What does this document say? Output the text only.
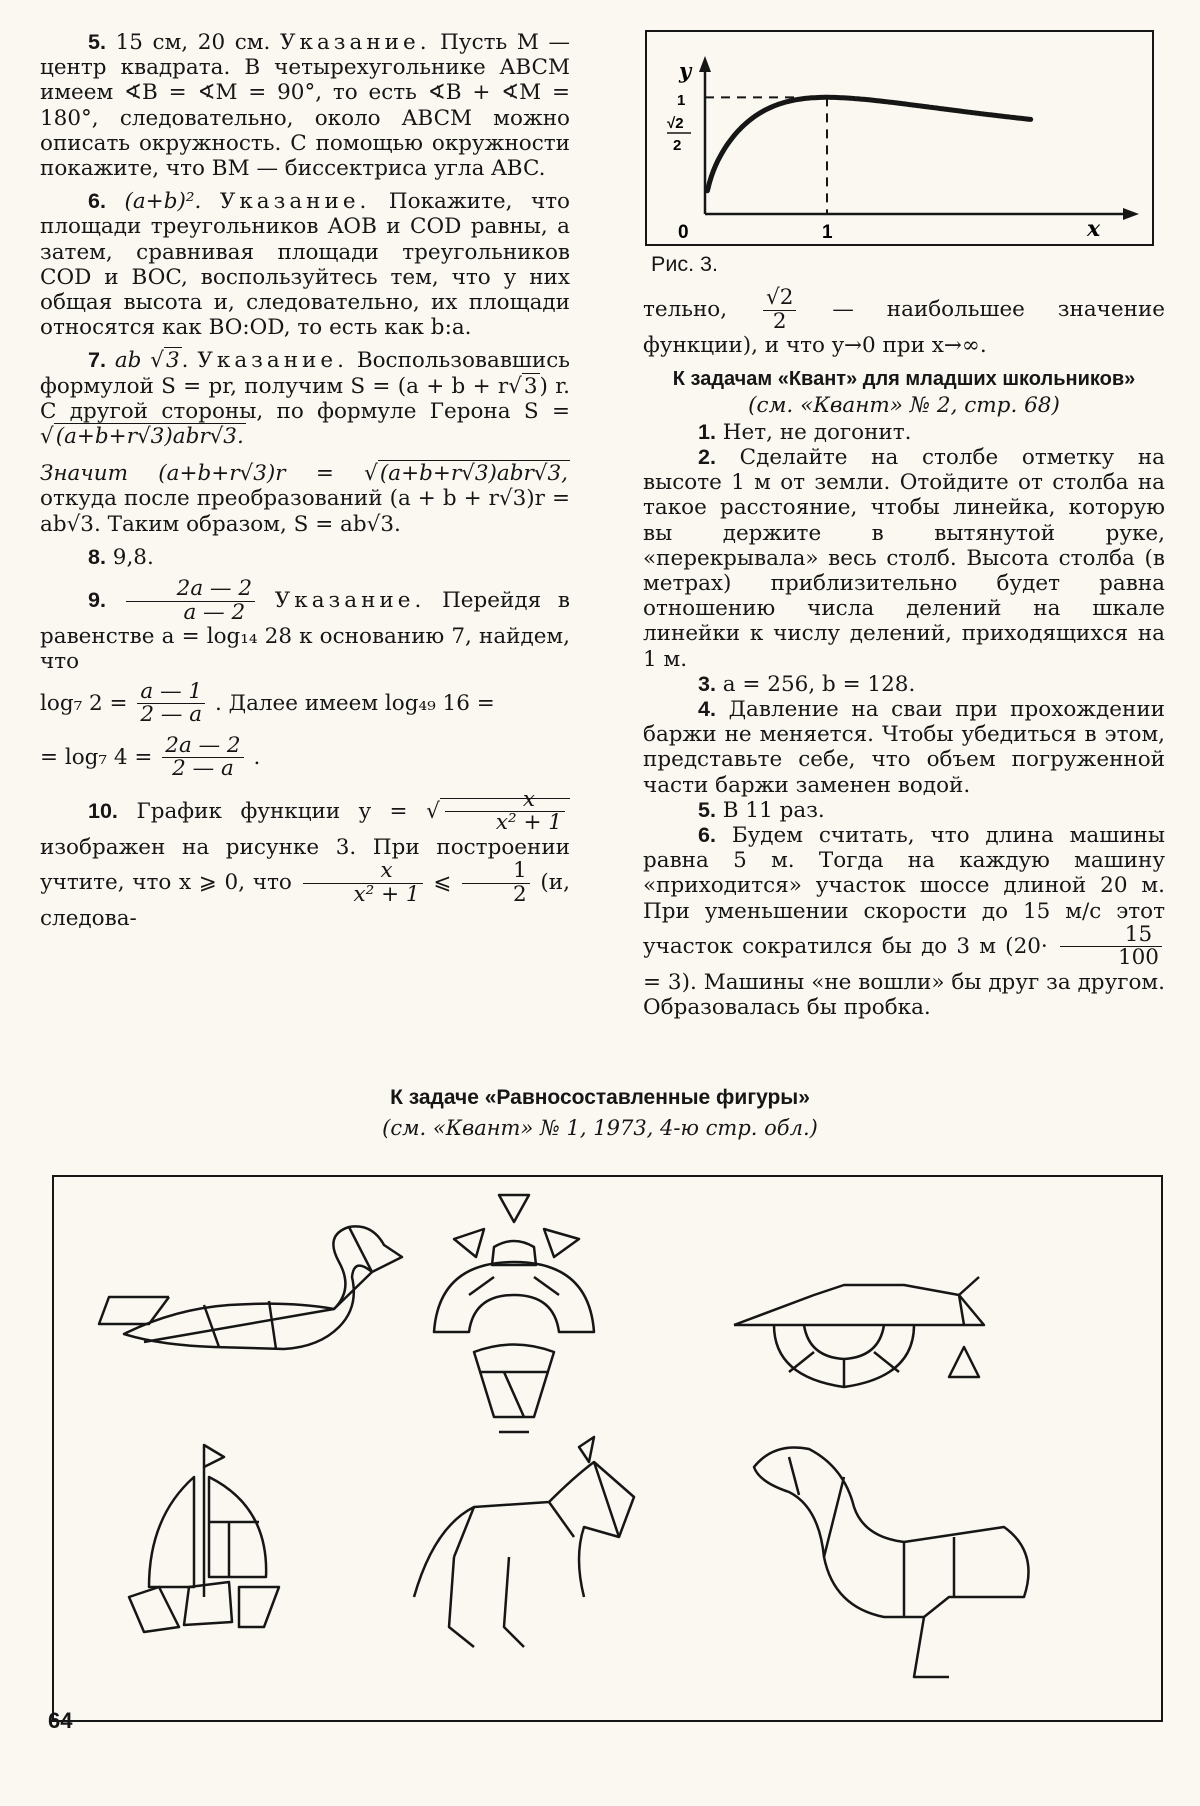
5. 15 см, 20 см. Указание. Пусть M — центр квадрата. В четырехугольнике ABCM имеем ∢B = ∢M = 90°, то есть ∢B + ∢M = 180°, следовательно, около ABCM можно описать окружность. С помощью окружности покажите, что BM — биссектриса угла ABC.

6. (a+b)². Указание. Покажите, что площади треугольников AOB и COD равны, а затем, сравнивая площади треугольников COD и BOC, воспользуйтесь тем, что у них общая высота и, следовательно, их площади относятся как BO:OD, то есть как b:a.

7. ab √3. Указание. Воспользовавшись формулой S = pr, получим S = (a + b + r√3) r. С другой стороны, по формуле Герона S = √(a+b+r√3)abr√3.
Значит (a+b+r√3)r = √(a+b+r√3)abr√3, откуда после преобразований (a + b + r√3)r = ab√3. Таким образом, S = ab√3.

8. 9,8.

9. $\frac{2a — 2}{a — 2}$ Указание. Перейдя в равенстве a = log₁₄ 28 к основанию 7, найдем, что
log₇ $2 = \frac{a — 1}{2 — a}$ . Далее имеем log₄₉ 16 =
= log₇ $4 = \frac{2a — 2}{2 — a}$ .
10. График функции y = √ $\frac{x}{\text{x² + 1}}$
изображен на рисунке 3. При построении учтите, что x ⩾ 0, что $\frac{x}{\text{x² + 1}}$ ⩽ $\frac{1}{2} (и$, следова-
y
x
0	1
1
√2
2
Рис. 3.
тельно, $\frac{√2}{2}$ — наибольшее значение функции), и что y→0 при x→∞.
К задачам «Квант» для младших школьников»
(см. «Квант» № 2, стр. 68)

1. Нет, не догонит.

2. Сделайте на столбе отметку на высоте 1 м от земли. Отойдите от столба на такое расстояние, чтобы линейка, которую вы держите в вытянутой руке, «перекрывала» весь столб. Высота столба (в метрах) приблизительно будет равна отношению числа делений на шкале линейки к числу делений, приходящихся на 1 м.

3. a = 256, b = 128.

4. Давление на сваи при прохождении баржи не меняется. Чтобы убедиться в этом, представьте себе, что объем погруженной части баржи заменен водой.

5. В 11 раз.

6. Будем считать, что длина машины равна 5 м. Тогда на каждую машину «приходится» участок шоссе длиной 20 м. При уменьшении скорости до 15 м/с этот участок сократился бы до 3 м ($20\cdot \frac{15}{100}$
= 3). Машины «не вошли» бы друг за другом. Образовалась бы пробка.
К задаче «Равносоставленные фигуры»
(см. «Квант» № 1, 1973, 4-ю стр. обл.)
64
